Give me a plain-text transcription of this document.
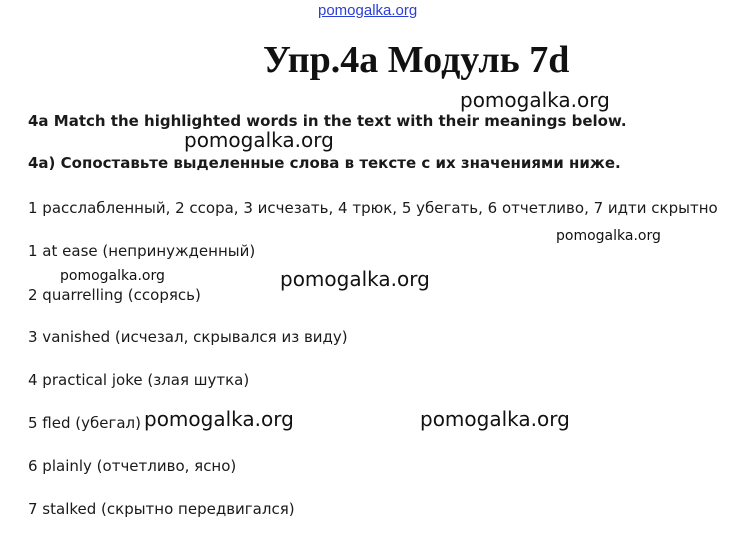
pomogalka.org
Упр.4a Модуль 7d
pomogalka.org
4a Match the highlighted words in the text with their meanings below.
pomogalka.org
4a) Сопоставьте выделенные слова в тексте с их значениями ниже.
1 расслабленный, 2 ссора, 3 исчезать, 4 трюк, 5 убегать, 6 отчетливо, 7 идти скрытно
pomogalka.org
1 at ease (непринужденный)
pomogalka.org	pomogalka.org
2 quarrelling (ссорясь)
3 vanished (исчезал, скрывался из виду)
4 practical joke (злая шутка)
5 fled (убегал) pomogalka.org	pomogalka.org
6 plainly (отчетливо, ясно)
7 stalked (скрытно передвигался)
